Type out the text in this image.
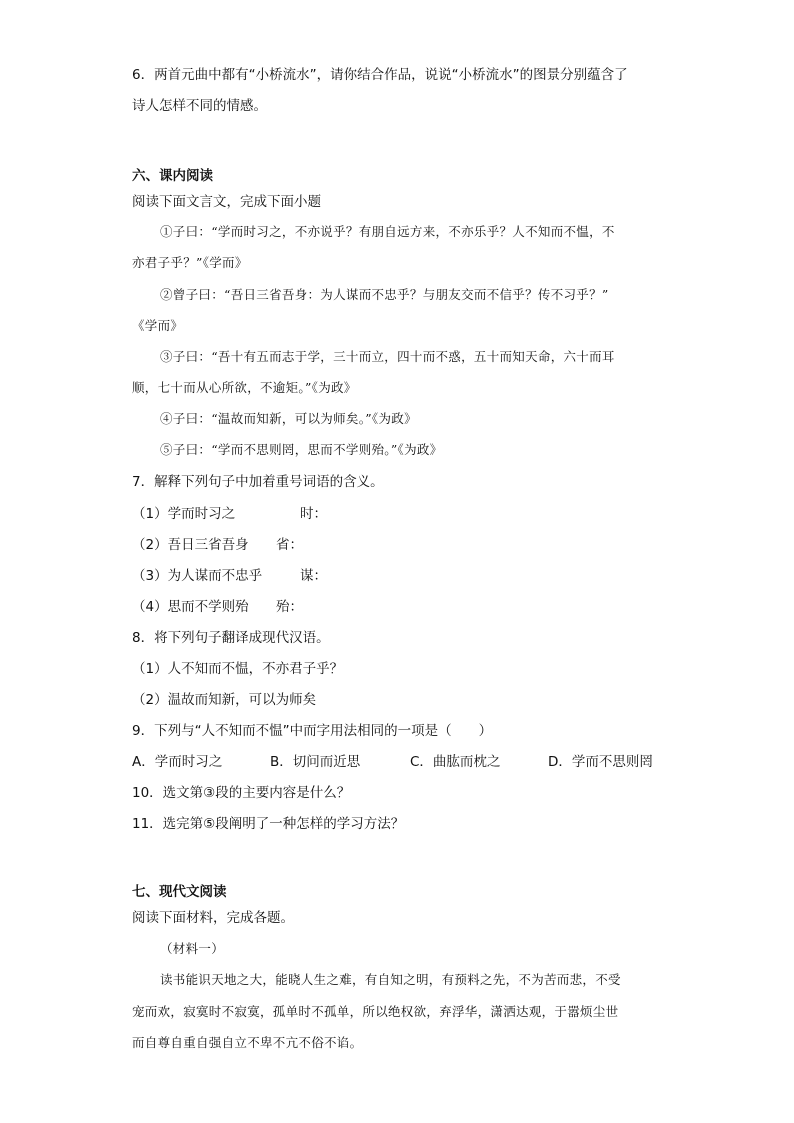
6．两首元曲中都有“小桥流水”，请你结合作品，说说“小桥流水”的图景分别蕴含了
诗人怎样不同的情感。
六、课内阅读
阅读下面文言文，完成下面小题
①子曰：“学而时习之，不亦说乎？有朋自远方来，不亦乐乎？人不知而不愠，不
亦君子乎？”《学而》
②曾子曰：“吾日三省吾身：为人谋而不忠乎？与朋友交而不信乎？传不习乎？”
《学而》
③子曰：“吾十有五而志于学，三十而立，四十而不惑，五十而知天命，六十而耳
顺，七十而从心所欲，不逾矩。”《为政》
④子曰：“温故而知新，可以为师矣。”《为政》
⑤子曰：“学而不思则罔，思而不学则殆。”《为政》
7．解释下列句子中加着重号词语的含义。
（1）学而时习之	时：
（2）吾日三省吾身 省：
（3）为人谋而不忠乎	谋：
（4）思而不学则殆 殆：
8．将下列句子翻译成现代汉语。
（1）人不知而不愠，不亦君子乎？
（2）温故而知新，可以为师矣
9．下列与“人不知而不愠”中而字用法相同的一项是（　　）
A．学而时习之	B．切问而近思	C．曲肱而枕之	D．学而不思则罔
10．选文第③段的主要内容是什么？
11．选完第⑤段阐明了一种怎样的学习方法？
七、现代文阅读
阅读下面材料，完成各题。
（材料一）
读书能识天地之大，能晓人生之难，有自知之明，有预料之先，不为苦而悲，不受
宠而欢，寂寞时不寂寞，孤单时不孤单，所以绝权欲，弃浮华，潇洒达观，于嚣烦尘世
而自尊自重自强自立不卑不亢不俗不谄。
